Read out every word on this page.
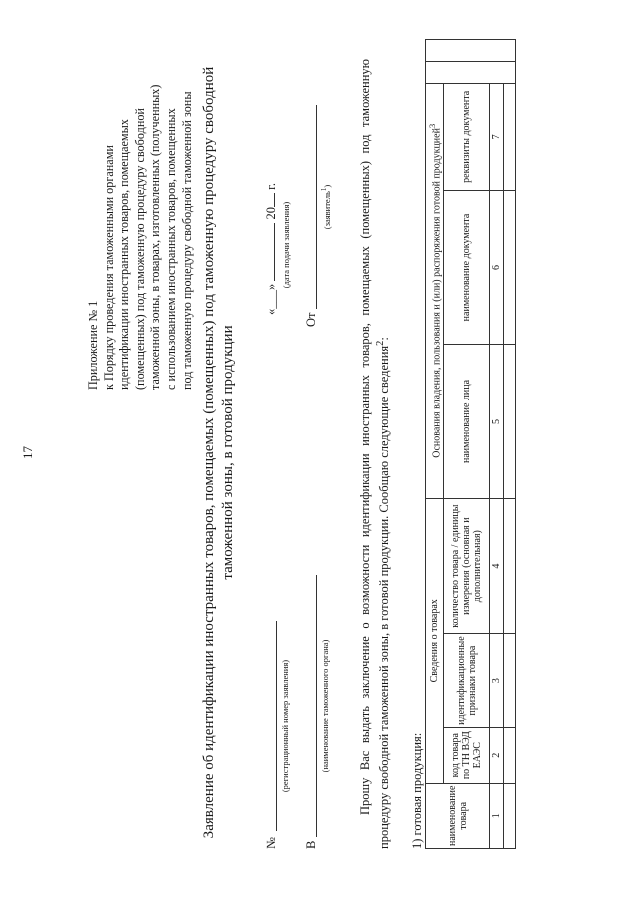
17
Приложение № 1 к Порядку проведения таможенными органами идентификации иностранных товаров, помещаемых (помещенных) под таможенную процедуру свободной таможенной зоны, в товарах, изготовленных (полученных) с использованием иностранных товаров, помещенных под таможенную процедуру свободной таможенной зоны Заявление об идентификации иностранных товаров, помещаемых (помещенных) под таможенную процедуру свободной таможенной зоны, в готовой продукции
№
(регистрационный номер заявления)
В
(наименование таможенного органа)
«___»  20 г.
(дата подачи заявления)
От
(заявитель$^1$) Прошу Вас выдать заключение о возможности идентификации иностранных товаров, помещаемых (помещенных) под таможенную процедуру свободной таможенной зоны, в готовой продукции. Сообщаю следующие сведения$^2$:
1) готовая продукция: наименование товара	Сведения о товарах			Основания владения, пользования и (или) распоряжения готовой продукцией$^3$		
	код товара по ТН ВЭД ЕАЭС	идентификационные признаки товара	количество товара / единицы измерения (основная и дополнительная)	наименование лица	наименование документа	реквизиты документа		
1	2	3	4	5	6	7		
